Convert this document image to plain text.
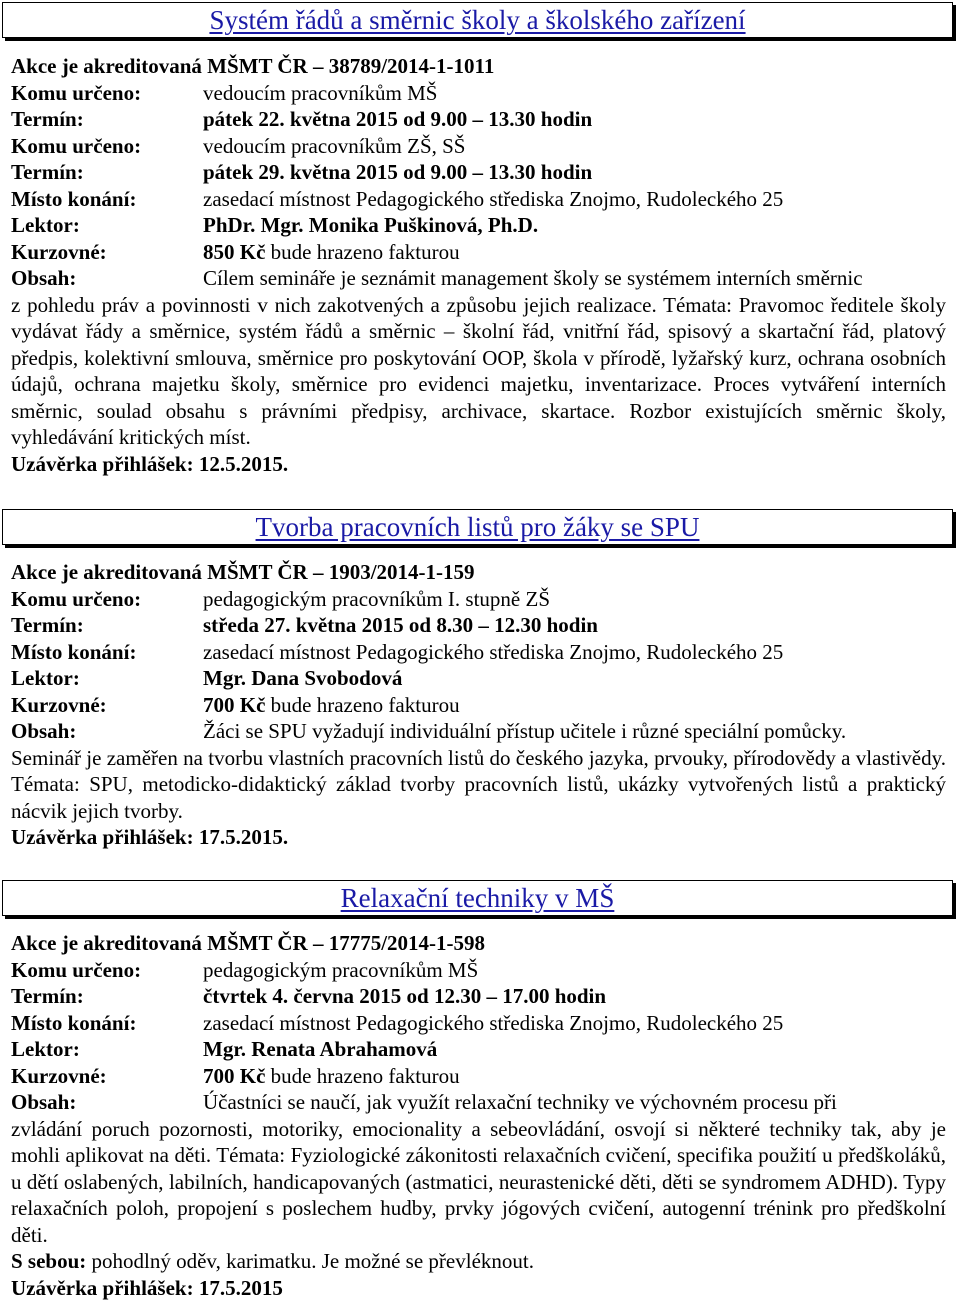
Systém řádů a směrnic školy a školského zařízení
Akce je akreditovaná MŠMT ČR – 38789/2014-1-1011
Komu určeno:	vedoucím pracovníkům MŠ
Termín:	pátek 22. května 2015 od 9.00 – 13.30 hodin
Komu určeno:	vedoucím pracovníkům ZŠ, SŠ
Termín:	pátek 29. května 2015 od 9.00 – 13.30 hodin
Místo konání:	zasedací místnost Pedagogického střediska Znojmo, Rudoleckého 25
Lektor:	PhDr. Mgr. Monika Puškinová, Ph.D.
Kurzovné:	850 Kč bude hrazeno fakturou
Obsah:	Cílem semináře je seznámit management školy se systémem interních směrnic
z pohledu práv a povinnosti v nich zakotvených a způsobu jejich realizace. Témata: Pravomoc ředitele školy vydávat řády a směrnice, systém řádů a směrnic – školní řád, vnitřní řád, spisový a skartační řád, platový předpis, kolektivní smlouva, směrnice pro poskytování OOP, škola v přírodě, lyžařský kurz, ochrana osobních údajů, ochrana majetku školy, směrnice pro evidenci majetku, inventarizace. Proces vytváření interních směrnic, soulad obsahu s právními předpisy, archivace, skartace. Rozbor existujících směrnic školy, vyhledávání kritických míst.
Uzávěrka přihlášek: 12.5.2015.
Tvorba pracovních listů pro žáky se SPU
Akce je akreditovaná MŠMT ČR – 1903/2014-1-159
Komu určeno:	pedagogickým pracovníkům I. stupně ZŠ
Termín:	středa 27. května 2015 od 8.30 – 12.30 hodin
Místo konání:	zasedací místnost Pedagogického střediska Znojmo, Rudoleckého 25
Lektor:	Mgr. Dana Svobodová
Kurzovné:	700 Kč bude hrazeno fakturou
Obsah:	Žáci se SPU vyžadují individuální přístup učitele i různé speciální pomůcky.
Seminář je zaměřen na tvorbu vlastních pracovních listů do českého jazyka, prvouky, přírodovědy a vlastivědy. Témata: SPU, metodicko-didaktický základ tvorby pracovních listů, ukázky vytvořených listů a praktický nácvik jejich tvorby.
Uzávěrka přihlášek: 17.5.2015.
Relaxační techniky v MŠ
Akce je akreditovaná MŠMT ČR – 17775/2014-1-598
Komu určeno:	pedagogickým pracovníkům MŠ
Termín:	čtvrtek 4. června 2015 od 12.30 – 17.00 hodin
Místo konání:	zasedací místnost Pedagogického střediska Znojmo, Rudoleckého 25
Lektor:	Mgr. Renata Abrahamová
Kurzovné:	700 Kč bude hrazeno fakturou
Obsah:	Účastníci se naučí, jak využít relaxační techniky ve výchovném procesu při
zvládání poruch pozornosti, motoriky, emocionality a sebeovládání, osvojí si některé techniky tak, aby je mohli aplikovat na děti. Témata: Fyziologické zákonitosti relaxačních cvičení, specifika použití u předškoláků, u dětí oslabených, labilních, handicapovaných (astmatici, neurastenické děti, děti se syndromem ADHD). Typy relaxačních poloh, propojení s poslechem hudby, prvky jógových cvičení, autogenní trénink pro předškolní děti.
S sebou: pohodlný oděv, karimatku. Je možné se převléknout.
Uzávěrka přihlášek: 17.5.2015
